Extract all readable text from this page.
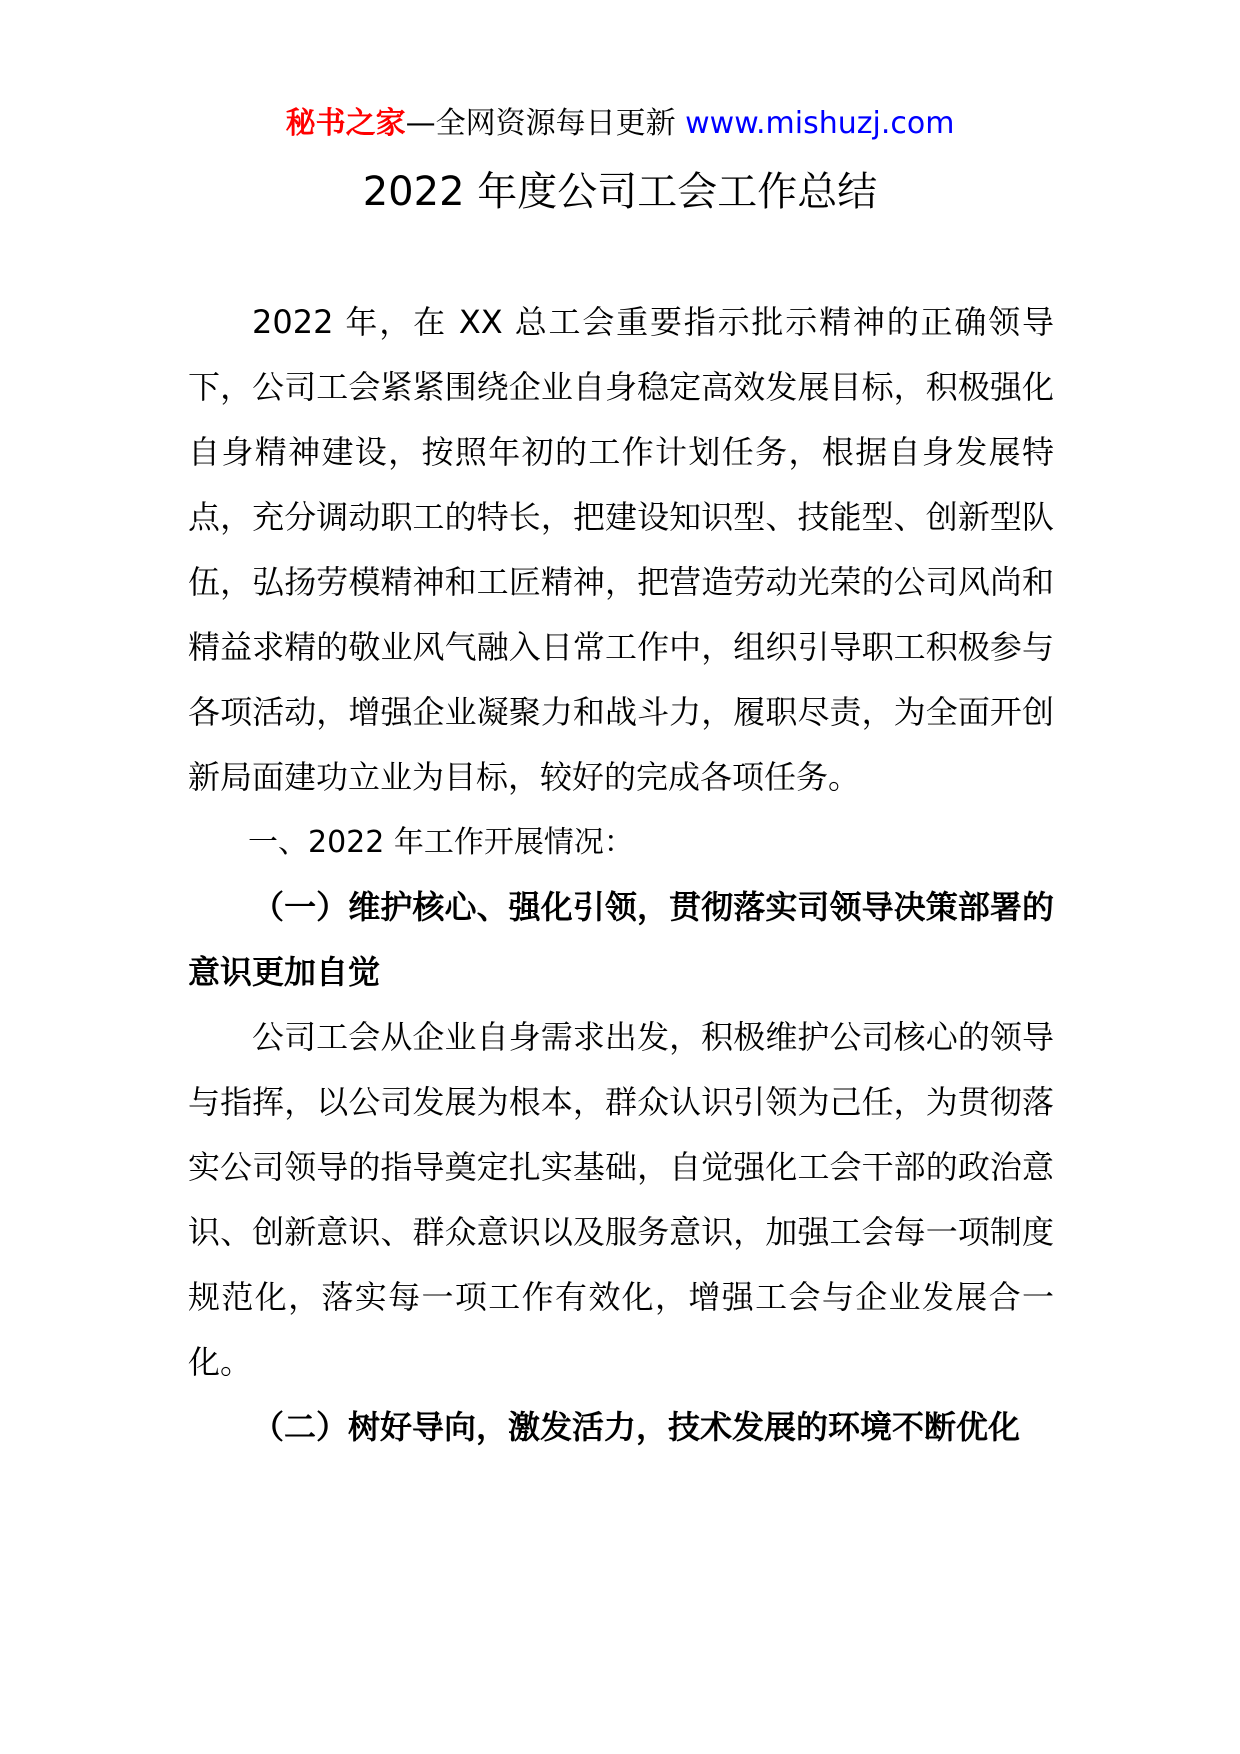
秘书之家—全网资源每日更新 www.mishuzj.com
2022 年度公司工会工作总结

2022 年，在 XX 总工会重要指示批示精神的正确领导下，公司工会紧紧围绕企业自身稳定高效发展目标，积极强化自身精神建设，按照年初的工作计划任务，根据自身发展特点，充分调动职工的特长，把建设知识型、技能型、创新型队伍，弘扬劳模精神和工匠精神，把营造劳动光荣的公司风尚和精益求精的敬业风气融入日常工作中，组织引导职工积极参与各项活动，增强企业凝聚力和战斗力，履职尽责，为全面开创新局面建功立业为目标，较好的完成各项任务。

一、2022 年工作开展情况：

（一）维护核心、强化引领，贯彻落实司领导决策部署的意识更加自觉

公司工会从企业自身需求出发，积极维护公司核心的领导与指挥，以公司发展为根本，群众认识引领为己任，为贯彻落实公司领导的指导奠定扎实基础，自觉强化工会干部的政治意识、创新意识、群众意识以及服务意识，加强工会每一项制度规范化，落实每一项工作有效化，增强工会与企业发展合一化。

（二）树好导向，激发活力，技术发展的环境不断优化
